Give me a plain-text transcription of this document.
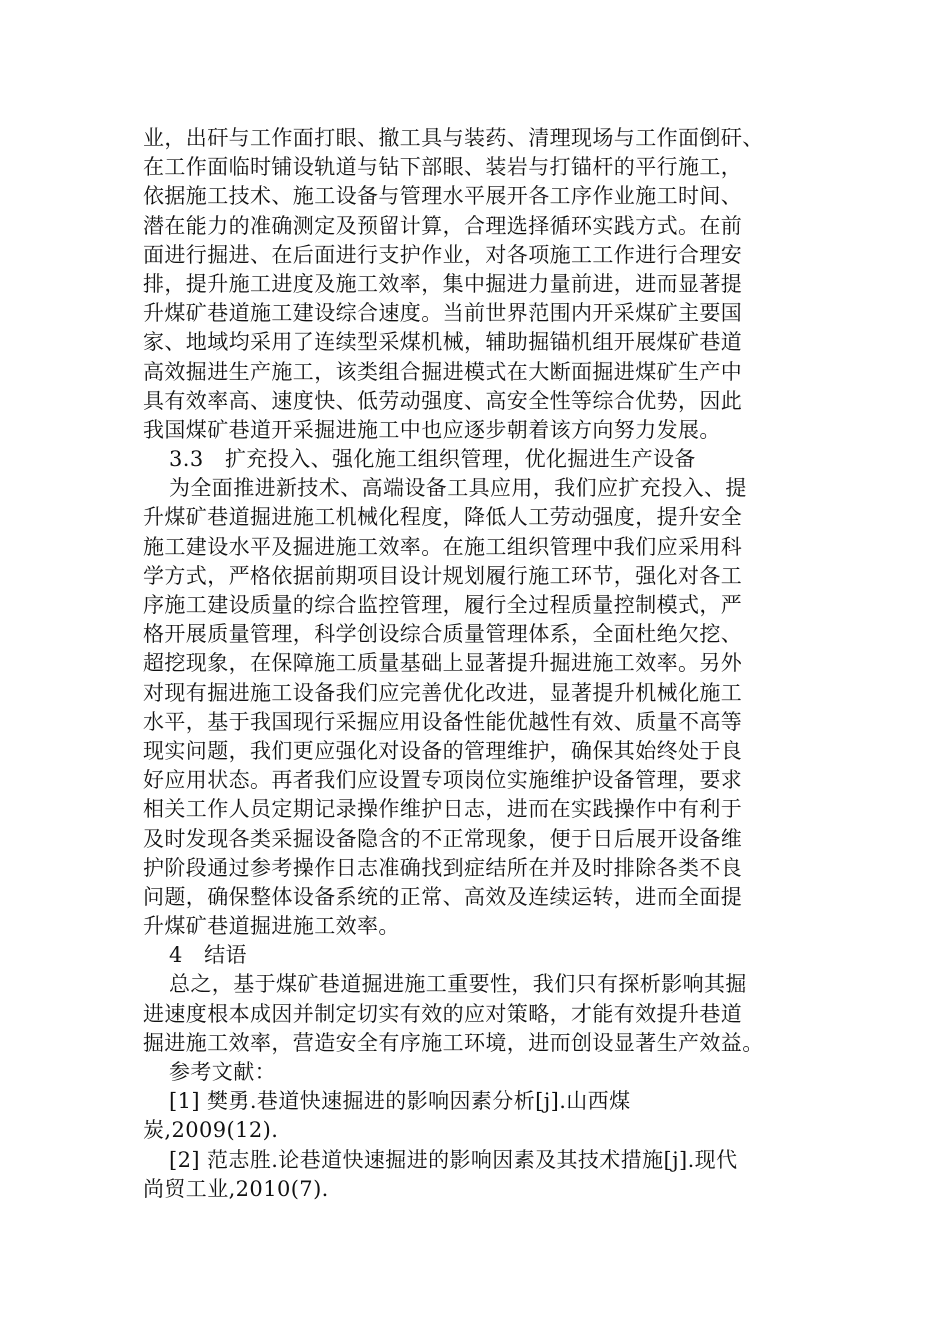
业，出矸与工作面打眼、撤工具与装药、清理现场与工作面倒矸、
在工作面临时铺设轨道与钻下部眼、装岩与打锚杆的平行施工，
依据施工技术、施工设备与管理水平展开各工序作业施工时间、
潜在能力的准确测定及预留计算，合理选择循环实践方式。在前
面进行掘进、在后面进行支护作业，对各项施工工作进行合理安
排，提升施工进度及施工效率，集中掘进力量前进，进而显著提
升煤矿巷道施工建设综合速度。当前世界范围内开采煤矿主要国
家、地域均采用了连续型采煤机械，辅助掘锚机组开展煤矿巷道
高效掘进生产施工，该类组合掘进模式在大断面掘进煤矿生产中
具有效率高、速度快、低劳动强度、高安全性等综合优势，因此
我国煤矿巷道开采掘进施工中也应逐步朝着该方向努力发展。
3.3　扩充投入、强化施工组织管理，优化掘进生产设备
为全面推进新技术、高端设备工具应用，我们应扩充投入、提
升煤矿巷道掘进施工机械化程度，降低人工劳动强度，提升安全
施工建设水平及掘进施工效率。在施工组织管理中我们应采用科
学方式，严格依据前期项目设计规划履行施工环节，强化对各工
序施工建设质量的综合监控管理，履行全过程质量控制模式，严
格开展质量管理，科学创设综合质量管理体系，全面杜绝欠挖、
超挖现象，在保障施工质量基础上显著提升掘进施工效率。另外
对现有掘进施工设备我们应完善优化改进，显著提升机械化施工
水平，基于我国现行采掘应用设备性能优越性有效、质量不高等
现实问题，我们更应强化对设备的管理维护，确保其始终处于良
好应用状态。再者我们应设置专项岗位实施维护设备管理，要求
相关工作人员定期记录操作维护日志，进而在实践操作中有利于
及时发现各类采掘设备隐含的不正常现象，便于日后展开设备维
护阶段通过参考操作日志准确找到症结所在并及时排除各类不良
问题，确保整体设备系统的正常、高效及连续运转，进而全面提
升煤矿巷道掘进施工效率。
4　结语
总之，基于煤矿巷道掘进施工重要性，我们只有探析影响其掘
进速度根本成因并制定切实有效的应对策略，才能有效提升巷道
掘进施工效率，营造安全有序施工环境，进而创设显著生产效益。
参考文献：
[1] 樊勇.巷道快速掘进的影响因素分析[j].山西煤
炭,2009(12).
[2] 范志胜.论巷道快速掘进的影响因素及其技术措施[j].现代
尚贸工业,2010(7).
